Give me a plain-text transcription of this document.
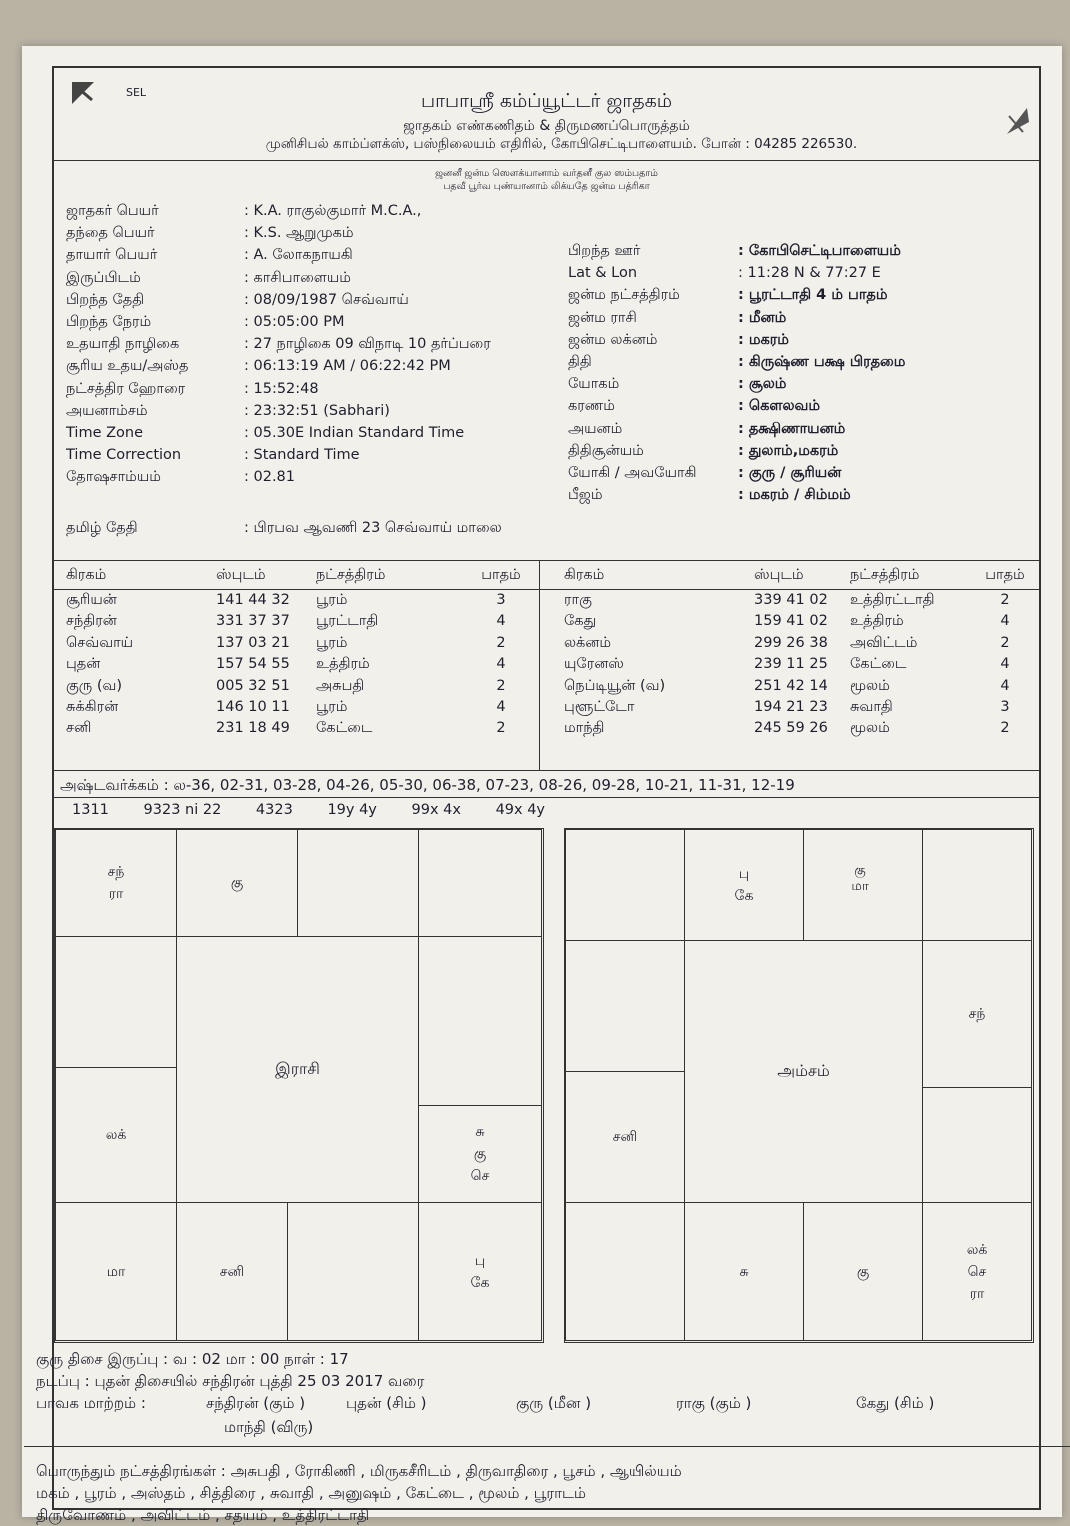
SEL	பாபாஸ்ரீ கம்ப்யூட்டர் ஜாதகம்
ஜாதகம் எண்கணிதம் & திருமணப்பொருத்தம்
முனிசிபல் காம்ப்ளக்ஸ், பஸ்நிலையம் எதிரில், கோபிசெட்டிபாளையம். போன் : 04285 226530.
ஜனனீ ஜன்ம ஸௌக்யானாம் வர்தனீ குல ஸம்பதாம்
பதவீ பூர்வ புண்யானாம் லிக்யதே ஜன்ம பத்ரிகா
ஜாதகர் பெயர்	: K.A. ராகுல்குமார் M.C.A.,
தந்தை பெயர்	: K.S. ஆறுமுகம்
தாயார் பெயர்	: A. லோகநாயகி
இருப்பிடம்	: காசிபாளையம்
பிறந்த தேதி	: 08/09/1987 செவ்வாய்
பிறந்த நேரம்	: 05:05:00 PM
உதயாதி நாழிகை	: 27 நாழிகை 09 விநாடி 10 தர்ப்பரை
சூரிய உதய/அஸ்த	: 06:13:19 AM / 06:22:42 PM
நட்சத்திர ஹோரை	: 15:52:48
அயனாம்சம்	: 23:32:51 (Sabhari)
Time Zone	: 05.30E Indian Standard Time
Time Correction	: Standard Time
தோஷசாம்யம்	: 02.81
தமிழ் தேதி	: பிரபவ ஆவணி 23 செவ்வாய் மாலை
பிறந்த ஊர்	: கோபிசெட்டிபாளையம்
Lat & Lon	: 11:28 N & 77:27 E
ஜன்ம நட்சத்திரம்	: பூரட்டாதி 4 ம் பாதம்
ஜன்ம ராசி	: மீனம்
ஜன்ம லக்னம்	: மகரம்
திதி	: கிருஷ்ண பக்ஷ பிரதமை
யோகம்	: சூலம்
கரணம்	: கௌலவம்
அயனம்	: தக்ஷிணாயனம்
திதிசூன்யம்	: துலாம்,மகரம்
யோகி / அவயோகி	: குரு / சூரியன்
பீஜம்	: மகரம் / சிம்மம்
கிரகம்	ஸ்புடம்	நட்சத்திரம்	பாதம்
சூரியன்	141 44 32	பூரம்	3
சந்திரன்	331 37 37	பூரட்டாதி	4
செவ்வாய்	137 03 21	பூரம்	2
புதன்	157 54 55	உத்திரம்	4
குரு (வ)	005 32 51	அசுபதி	2
சுக்கிரன்	146 10 11	பூரம்	4
சனி	231 18 49	கேட்டை	2
கிரகம்	ஸ்புடம்	நட்சத்திரம்	பாதம்
ராகு	339 41 02	உத்திரட்டாதி	2
கேது	159 41 02	உத்திரம்	4
லக்னம்	299 26 38	அவிட்டம்	2
யுரேனஸ்	239 11 25	கேட்டை	4
நெப்டியூன் (வ)	251 42 14	மூலம்	4
புளூட்டோ	194 21 23	சுவாதி	3
மாந்தி	245 59 26	மூலம்	2
அஷ்டவர்க்கம் : ல-36, 02-31, 03-28, 04-26, 05-30, 06-38, 07-23, 08-26, 09-28, 10-21, 11-31, 12-19
1311 9323 ni 22 4323 19y 4y 99x 4x 49x 4y
சந்
ரா
கு
லக்	சு
கு
செ
மா	சனி
பு
கே
இராசி
பு
கே
சனி
சந்
சு	கு
லக்
செ
ரா
அம்சம்
கு
மா
குரு திசை இருப்பு : வ : 02 மா : 00 நாள் : 17
நடப்பு : புதன் திசையில் சந்திரன் புத்தி 25 03 2017 வரை
பாவக மாற்றம் :	சந்திரன் (கும் )	புதன் (சிம் )	குரு (மீன )	ராகு (கும் )	கேது (சிம் )
மாந்தி (விரு)
பொருந்தும் நட்சத்திரங்கள் : அசுபதி , ரோகிணி , மிருகசீரிடம் , திருவாதிரை , பூசம் , ஆயில்யம்
மகம் , பூரம் , அஸ்தம் , சித்திரை , சுவாதி , அனுஷம் , கேட்டை , மூலம் , பூராடம்
திருவோணம் , அவிட்டம் , சதயம் , உத்திரட்டாதி
